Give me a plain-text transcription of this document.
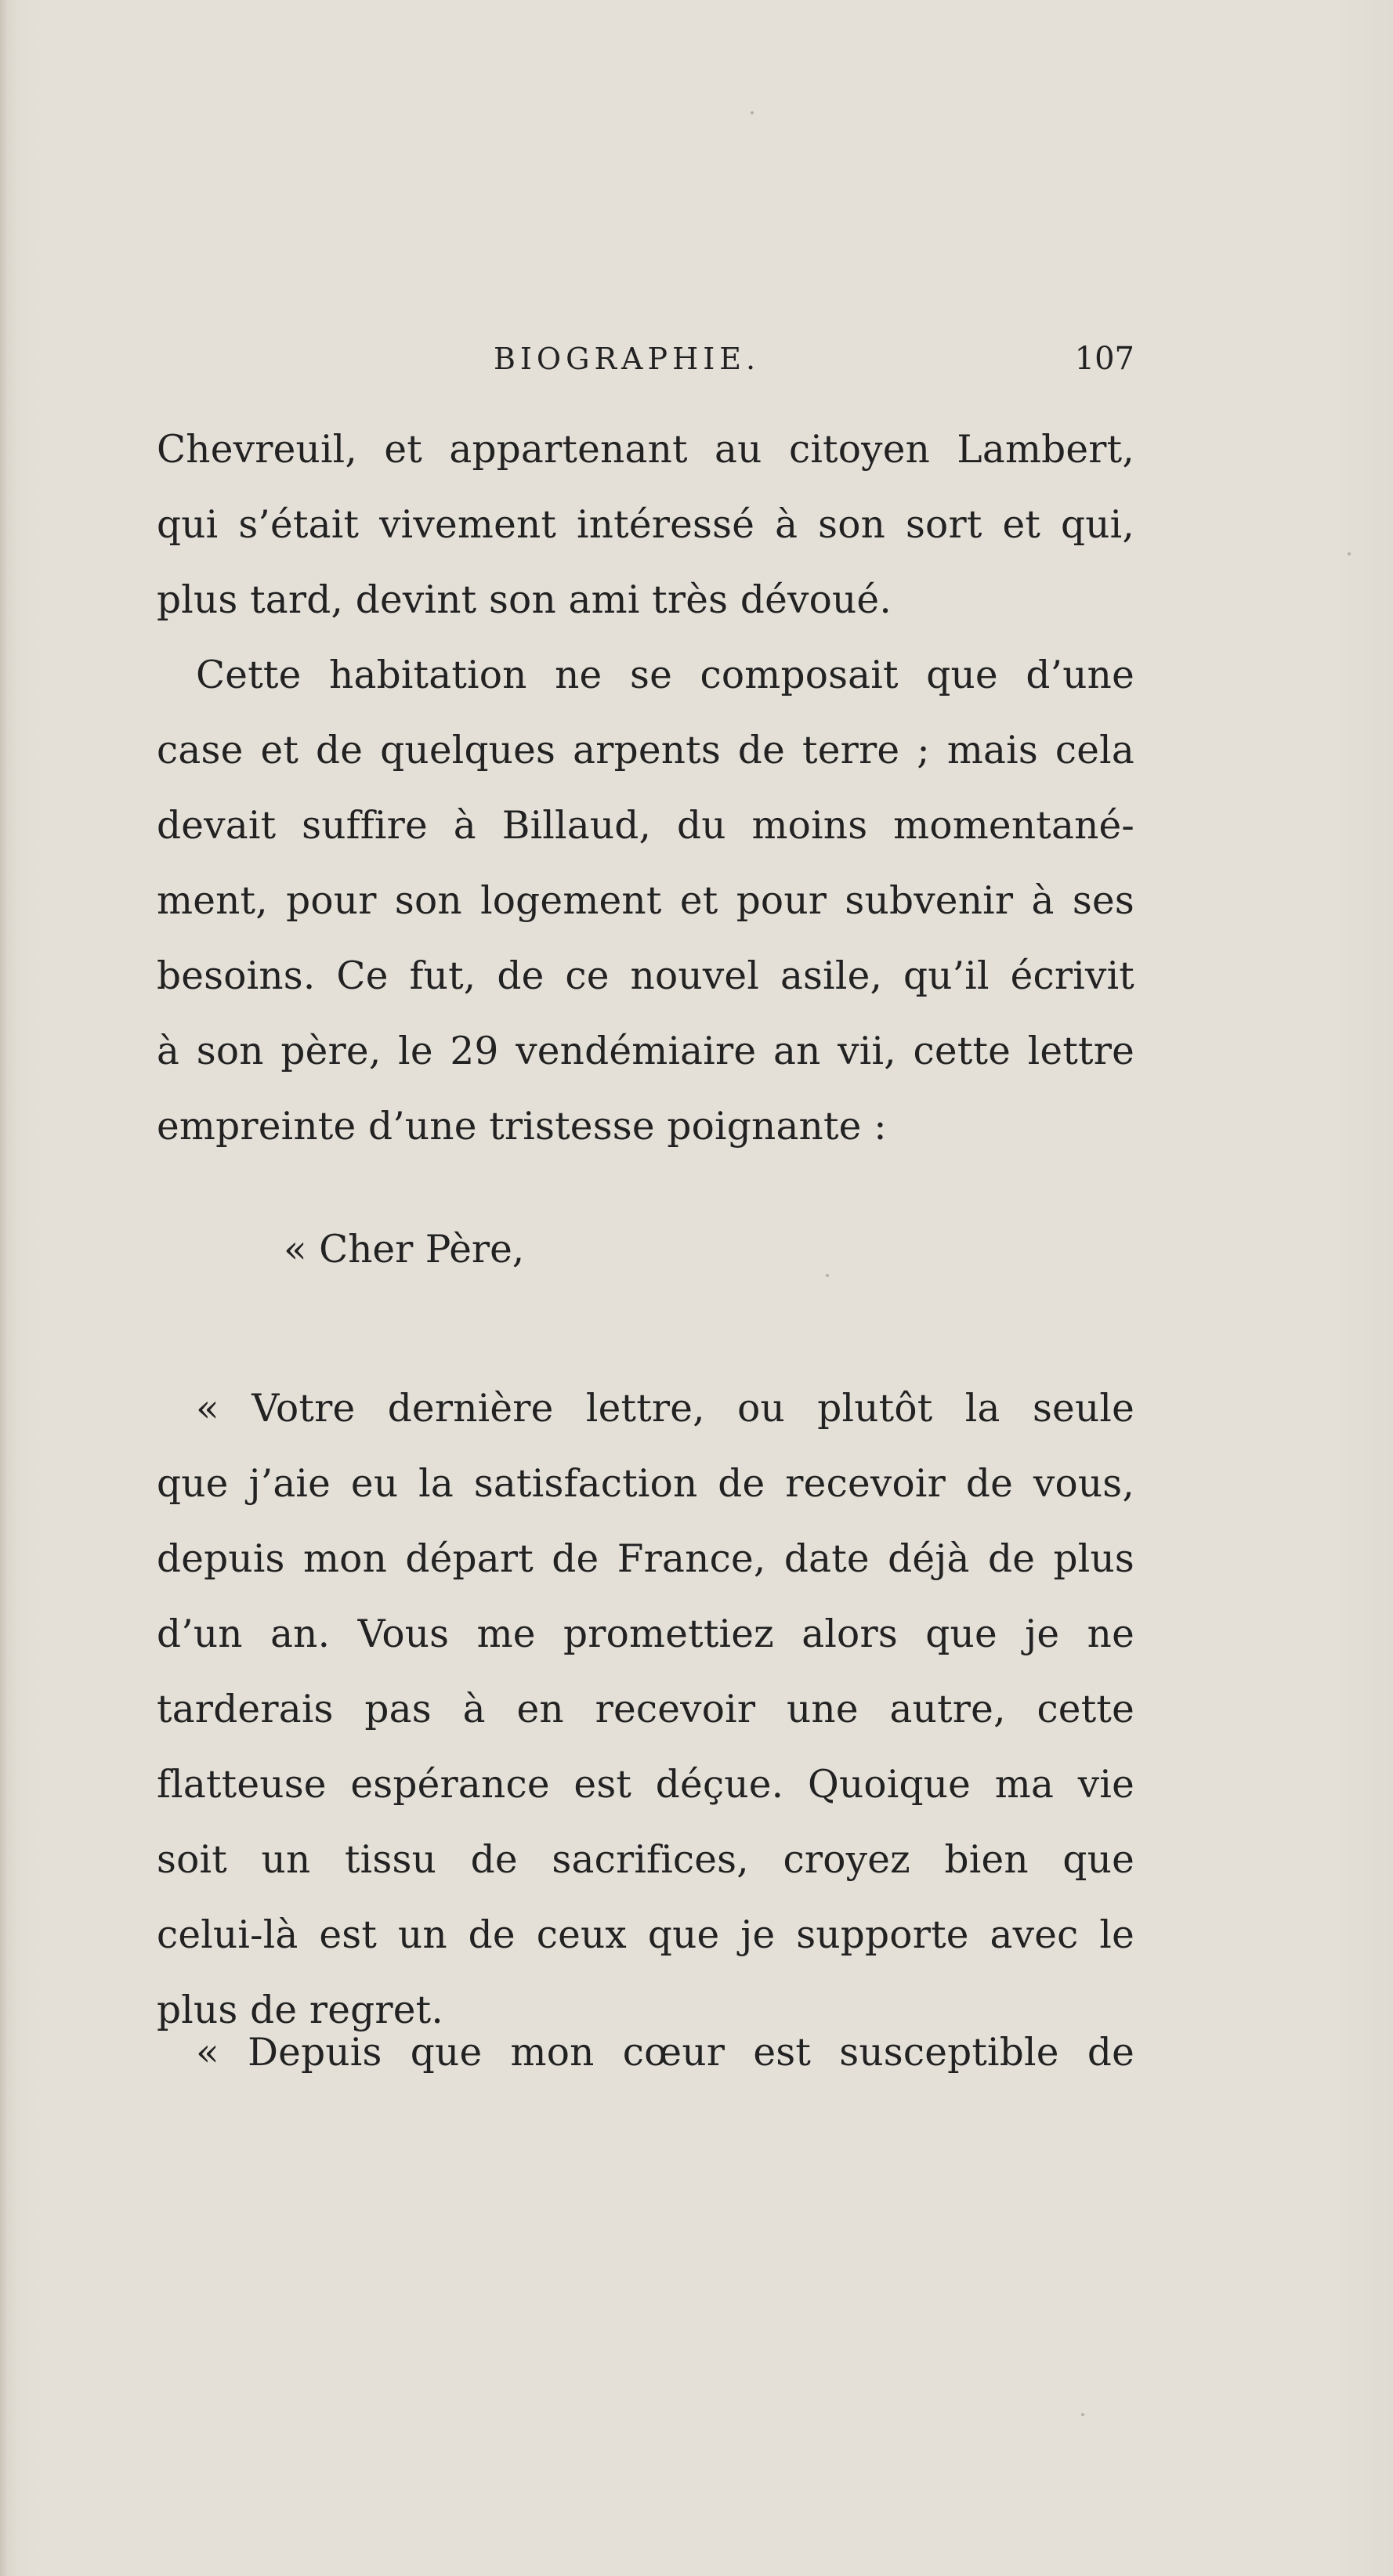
BIOGRAPHIE.	107
Chevreuil, et appartenant au citoyen Lambert,
qui s’était vivement intéressé à son sort et qui,
plus tard, devint son ami très dévoué.
Cette habitation ne se composait que d’une
case et de quelques arpents de terre ; mais cela
devait suffire à Billaud, du moins momentané-
ment, pour son logement et pour subvenir à ses
besoins. Ce fut, de ce nouvel asile, qu’il écrivit
à son père, le 29 vendémiaire an vii, cette lettre
empreinte d’une tristesse poignante :
« Cher Père,
« Votre dernière lettre, ou plutôt la seule
que j’aie eu la satisfaction de recevoir de vous,
depuis mon départ de France, date déjà de plus
d’un an. Vous me promettiez alors que je ne
tarderais pas à en recevoir une autre, cette
flatteuse espérance est déçue. Quoique ma vie
soit un tissu de sacrifices, croyez bien que
celui-là est un de ceux que je supporte avec le
plus de regret.
« Depuis que mon cœur est susceptible de
